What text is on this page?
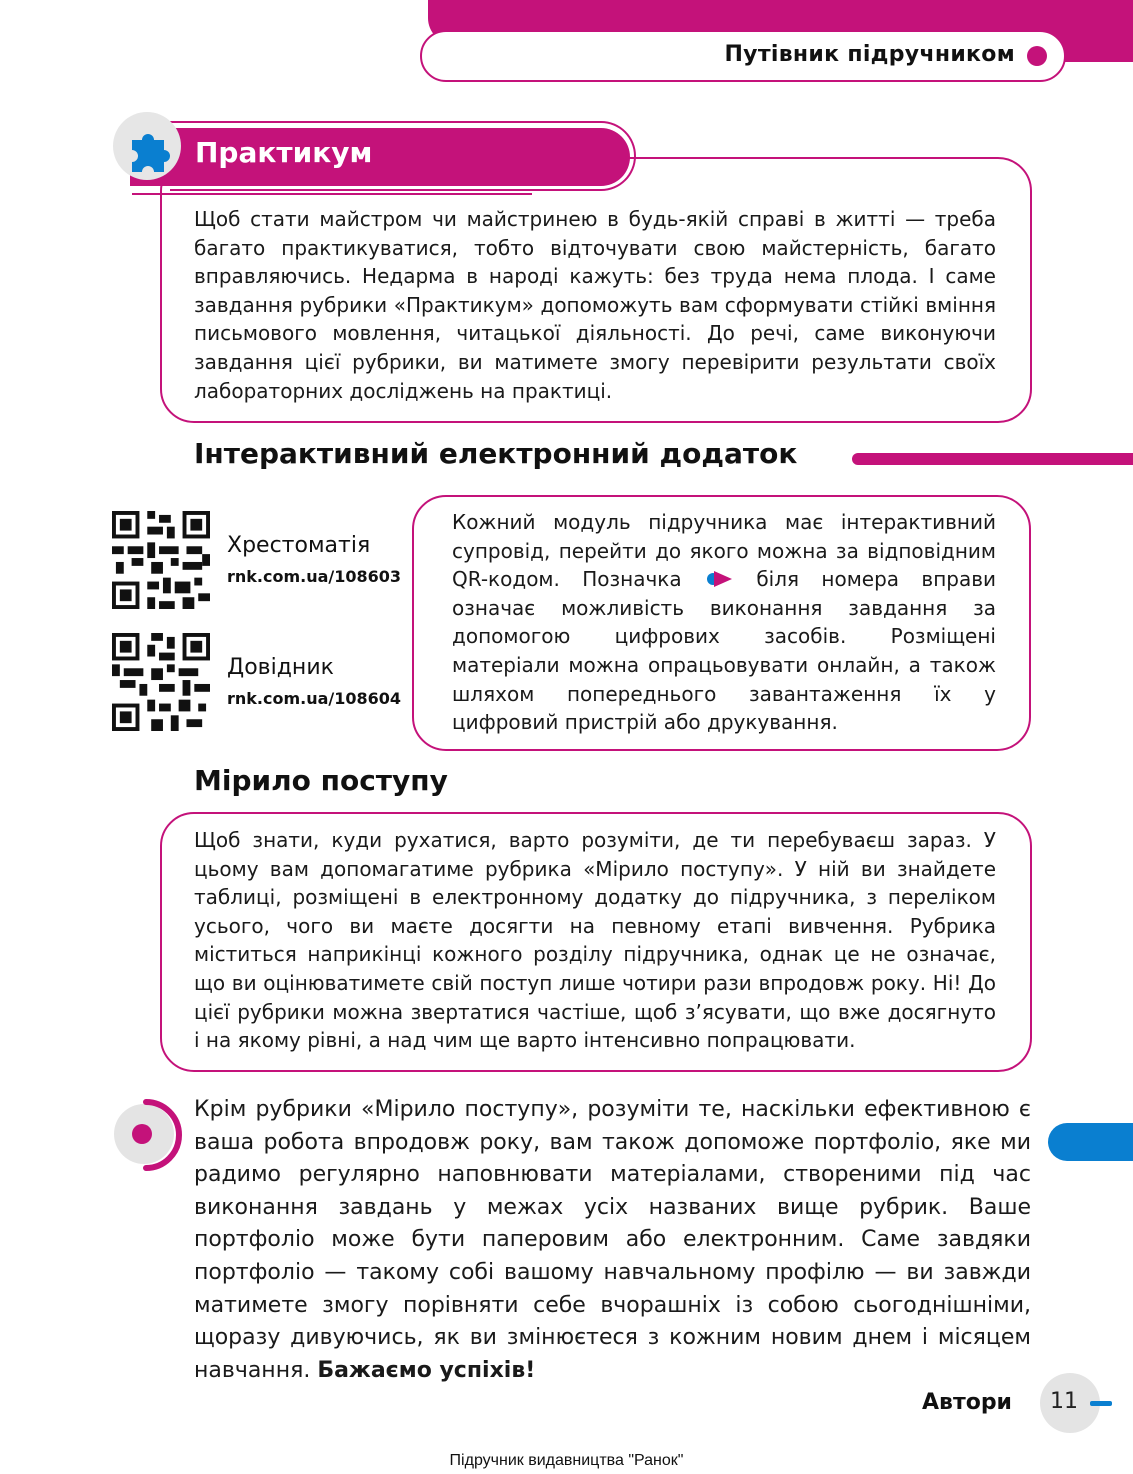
Путівник підручником
Практикум
Щоб стати майстром чи майстринею в будь-якій справі в житті — треба багато практикуватися, тобто відточувати свою майстерність, багато вправляючись. Недарма в народі кажуть: без труда нема плода. І саме завдання рубрики «Практикум» допоможуть вам сформувати стійкі вміння письмового мовлення, читацької діяльності. До речі, саме виконуючи завдання цієї рубрики, ви матимете змогу перевірити результати своїх лабораторних досліджень на практиці.
Інтерактивний електронний додаток
Хрестоматія
rnk.com.ua/108603
Довідник
rnk.com.ua/108604
Кожний модуль підручника має інтерактивний супровід, перейти до якого можна за відповідним QR-кодом. Позначка	біля номера вправи означає можливість виконання завдання за допомогою цифрових засобів. Розміщені матеріали можна опрацьовувати онлайн, а також шляхом попереднього завантаження їх у цифровий пристрій або друкування.
Мірило поступу
Щоб знати, куди рухатися, варто розуміти, де ти перебуваєш зараз. У цьому вам допомагатиме рубрика «Мірило поступу». У ній ви знайдете таблиці, розміщені в електронному додатку до підручника, з переліком усього, чого ви маєте досягти на певному етапі вивчення. Рубрика міститься наприкінці кожного розділу підручника, однак це не означає, що ви оцінюватимете свій поступ лише чотири рази впродовж року. Ні! До цієї рубрики можна звертатися частіше, щоб з’ясувати, що вже досягнуто і на якому рівні, а над чим ще варто інтенсивно попрацювати.
Крім рубрики «Мірило поступу», розуміти те, наскільки ефективною є ваша робота впродовж року, вам також допоможе портфоліо, яке ми радимо регулярно наповнювати матеріалами, створеними під час виконання завдань у межах усіх названих вище рубрик. Ваше портфоліо може бути паперовим або електронним. Саме завдяки портфоліо — такому собі вашому навчальному профілю — ви завжди матимете змогу порівняти себе вчорашніх із собою сьогоднішніми, щоразу дивуючись, як ви змінюєтеся з кожним новим днем і місяцем навчання. Бажаємо успіхів!
Автори	11
Підручник видавництва "Ранок"
